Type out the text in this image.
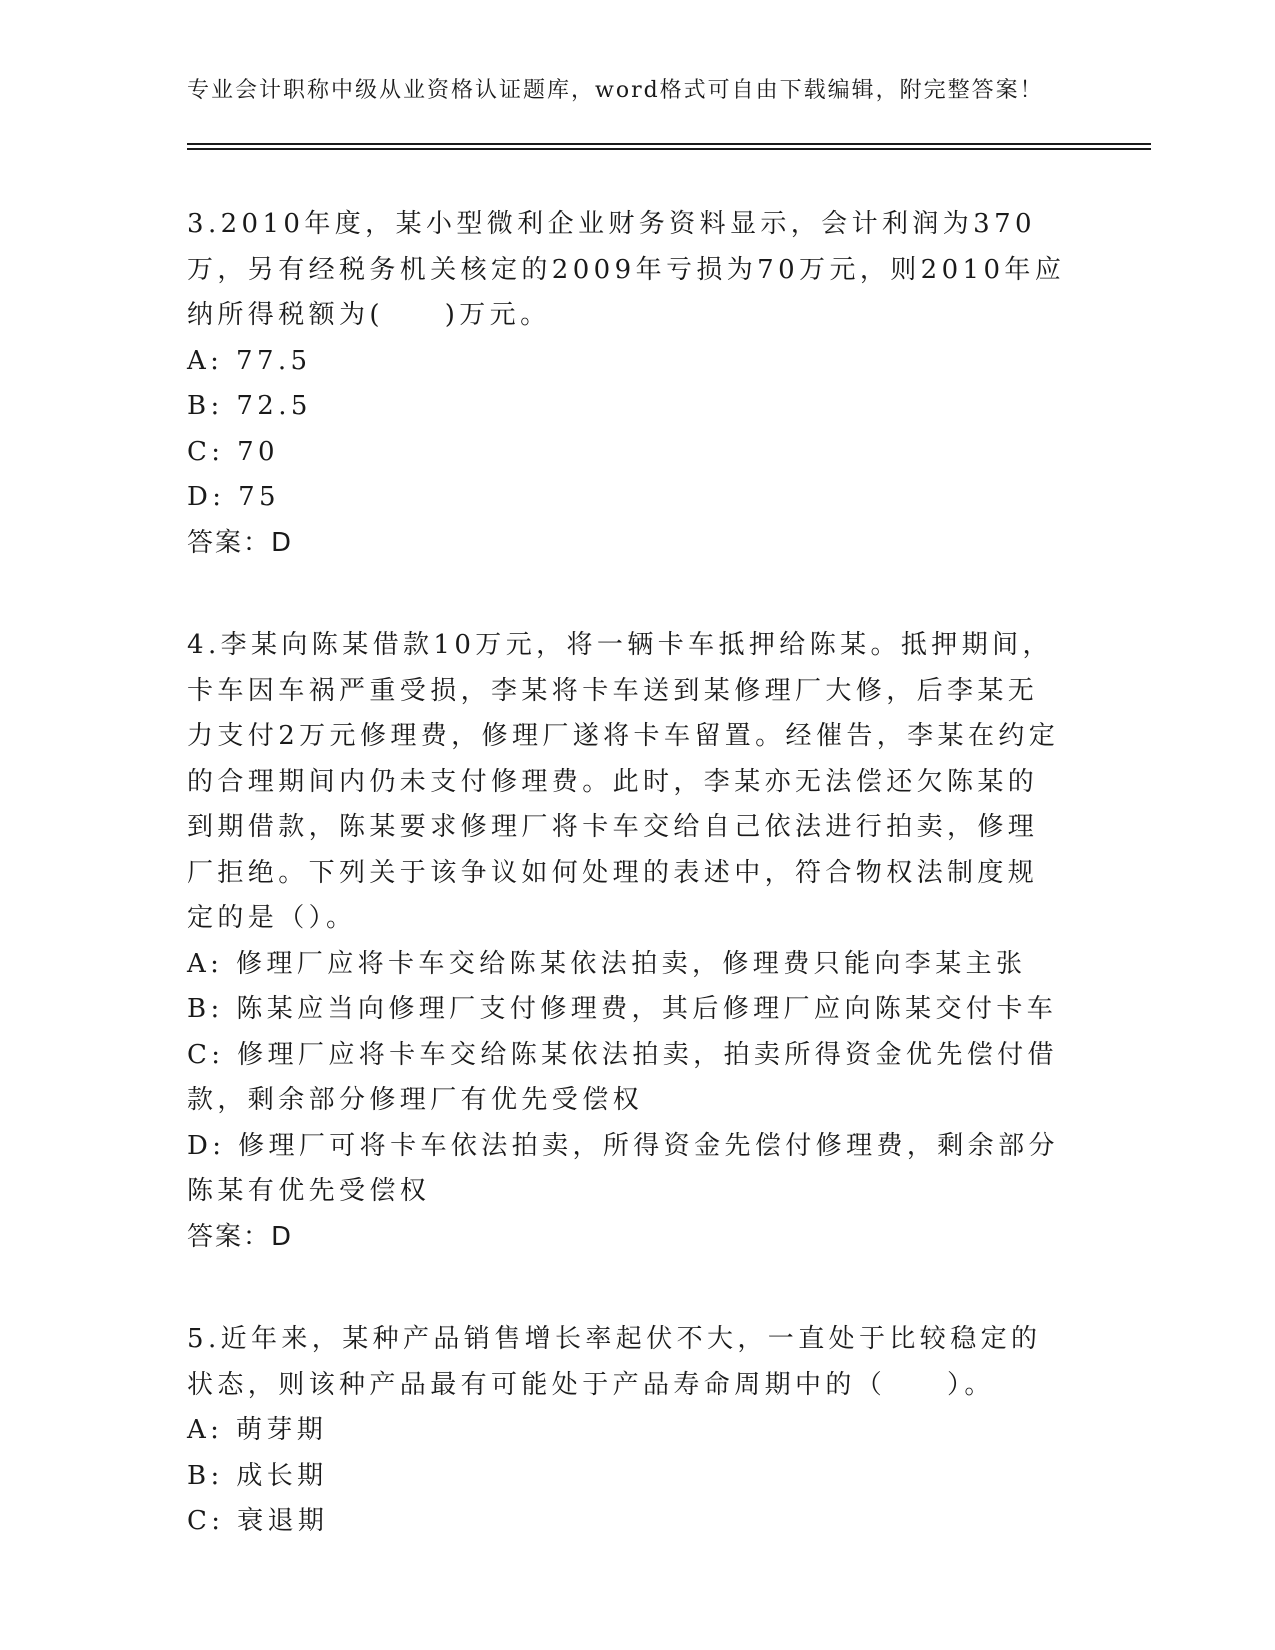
专业会计职称中级从业资格认证题库，word格式可自由下载编辑，附完整答案！

3.2010年度，某小型微利企业财务资料显示，会计利润为370万，另有经税务机关核定的2009年亏损为70万元，则2010年应纳所得税额为(　　)万元。

A: 77.5

B: 72.5

C: 70

D: 75

答案：D

4.李某向陈某借款10万元，将一辆卡车抵押给陈某。抵押期间，卡车因车祸严重受损，李某将卡车送到某修理厂大修，后李某无力支付2万元修理费，修理厂遂将卡车留置。经催告，李某在约定的合理期间内仍未支付修理费。此时，李某亦无法偿还欠陈某的到期借款，陈某要求修理厂将卡车交给自己依法进行拍卖，修理厂拒绝。下列关于该争议如何处理的表述中，符合物权法制度规定的是（）。

A: 修理厂应将卡车交给陈某依法拍卖，修理费只能向李某主张

B: 陈某应当向修理厂支付修理费，其后修理厂应向陈某交付卡车

C: 修理厂应将卡车交给陈某依法拍卖，拍卖所得资金优先偿付借款，剩余部分修理厂有优先受偿权

D: 修理厂可将卡车依法拍卖，所得资金先偿付修理费，剩余部分陈某有优先受偿权

答案：D

5.近年来，某种产品销售增长率起伏不大，一直处于比较稳定的状态，则该种产品最有可能处于产品寿命周期中的（　　）。

A: 萌芽期

B: 成长期

C: 衰退期
